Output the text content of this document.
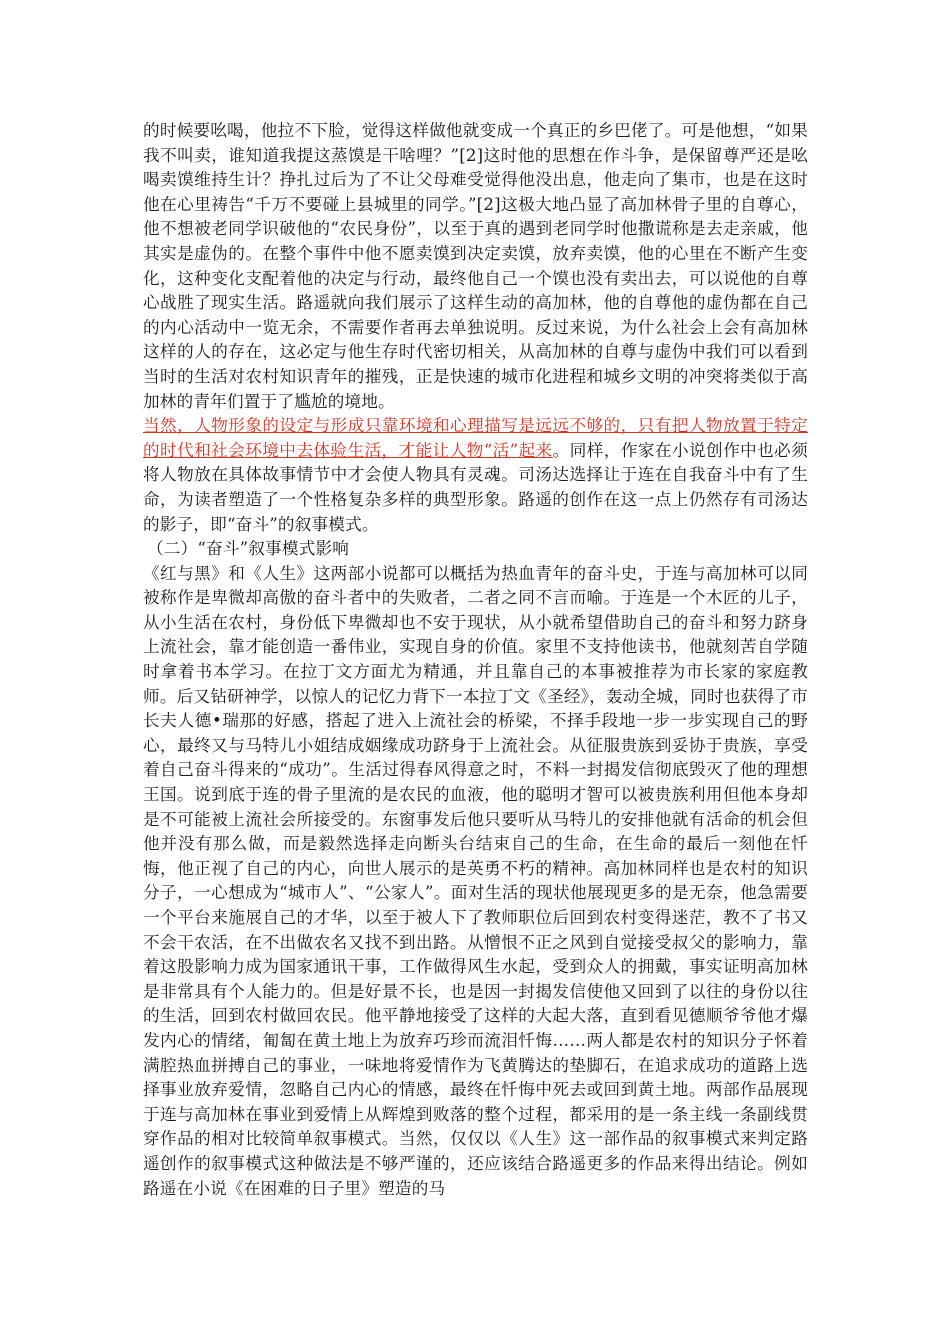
的时候要吆喝，他拉不下脸，觉得这样做他就变成一个真正的乡巴佬了。可是他想，“如果我不叫卖，谁知道我提这蒸馍是干啥哩？”[2]这时他的思想在作斗争，是保留尊严还是吆喝卖馍维持生计？挣扎过后为了不让父母难受觉得他没出息，他走向了集市，也是在这时他在心里祷告“千万不要碰上县城里的同学。”[2]这极大地凸显了高加林骨子里的自尊心，他不想被老同学识破他的“农民身份”，以至于真的遇到老同学时他撒谎称是去走亲戚，他其实是虚伪的。在整个事件中他不愿卖馍到决定卖馍，放弃卖馍，他的心里在不断产生变化，这种变化支配着他的决定与行动，最终他自己一个馍也没有卖出去，可以说他的自尊心战胜了现实生活。路遥就向我们展示了这样生动的高加林，他的自尊他的虚伪都在自己的内心活动中一览无余，不需要作者再去单独说明。反过来说，为什么社会上会有高加林这样的人的存在，这必定与他生存时代密切相关，从高加林的自尊与虚伪中我们可以看到当时的生活对农村知识青年的摧残，正是快速的城市化进程和城乡文明的冲突将类似于高加林的青年们置于了尴尬的境地。

当然，人物形象的设定与形成只靠环境和心理描写是远远不够的，只有把人物放置于特定的时代和社会环境中去体验生活，才能让人物“活”起来。同样，作家在小说创作中也必须将人物放在具体故事情节中才会使人物具有灵魂。司汤达选择让于连在自我奋斗中有了生命，为读者塑造了一个性格复杂多样的典型形象。路遥的创作在这一点上仍然存有司汤达的影子，即“奋斗”的叙事模式。

（二）“奋斗”叙事模式影响

《红与黑》和《人生》这两部小说都可以概括为热血青年的奋斗史，于连与高加林可以同被称作是卑微却高傲的奋斗者中的失败者，二者之同不言而喻。于连是一个木匠的儿子，从小生活在农村，身份低下卑微却也不安于现状，从小就希望借助自己的奋斗和努力跻身上流社会，靠才能创造一番伟业，实现自身的价值。家里不支持他读书，他就刻苦自学随时拿着书本学习。在拉丁文方面尤为精通，并且靠自己的本事被推荐为市长家的家庭教师。后又钻研神学，以惊人的记忆力背下一本拉丁文《圣经》，轰动全城，同时也获得了市长夫人德•瑞那的好感，搭起了进入上流社会的桥梁，不择手段地一步一步实现自己的野心，最终又与马特儿小姐结成姻缘成功跻身于上流社会。从征服贵族到妥协于贵族，享受着自己奋斗得来的“成功”。生活过得春风得意之时，不料一封揭发信彻底毁灭了他的理想王国。说到底于连的骨子里流的是农民的血液，他的聪明才智可以被贵族利用但他本身却是不可能被上流社会所接受的。东窗事发后他只要听从马特儿的安排他就有活命的机会但他并没有那么做，而是毅然选择走向断头台结束自己的生命，在生命的最后一刻他在忏悔，他正视了自己的内心，向世人展示的是英勇不朽的精神。高加林同样也是农村的知识分子，一心想成为“城市人”、“公家人”。面对生活的现状他展现更多的是无奈，他急需要一个平台来施展自己的才华，以至于被人下了教师职位后回到农村变得迷茫，教不了书又不会干农活，在不出做农名又找不到出路。从憎恨不正之风到自觉接受叔父的影响力，靠着这股影响力成为国家通讯干事，工作做得风生水起，受到众人的拥戴，事实证明高加林是非常具有个人能力的。但是好景不长，也是因一封揭发信使他又回到了以往的身份以往的生活，回到农村做回农民。他平静地接受了这样的大起大落，直到看见德顺爷爷他才爆发内心的情绪，匍匐在黄土地上为放弃巧珍而流泪忏悔……两人都是农村的知识分子怀着满腔热血拼搏自己的事业，一味地将爱情作为飞黄腾达的垫脚石，在追求成功的道路上选择事业放弃爱情，忽略自己内心的情感，最终在忏悔中死去或回到黄土地。两部作品展现于连与高加林在事业到爱情上从辉煌到败落的整个过程，都采用的是一条主线一条副线贯穿作品的相对比较简单叙事模式。当然，仅仅以《人生》这一部作品的叙事模式来判定路遥创作的叙事模式这种做法是不够严谨的，还应该结合路遥更多的作品来得出结论。例如路遥在小说《在困难的日子里》塑造的马
